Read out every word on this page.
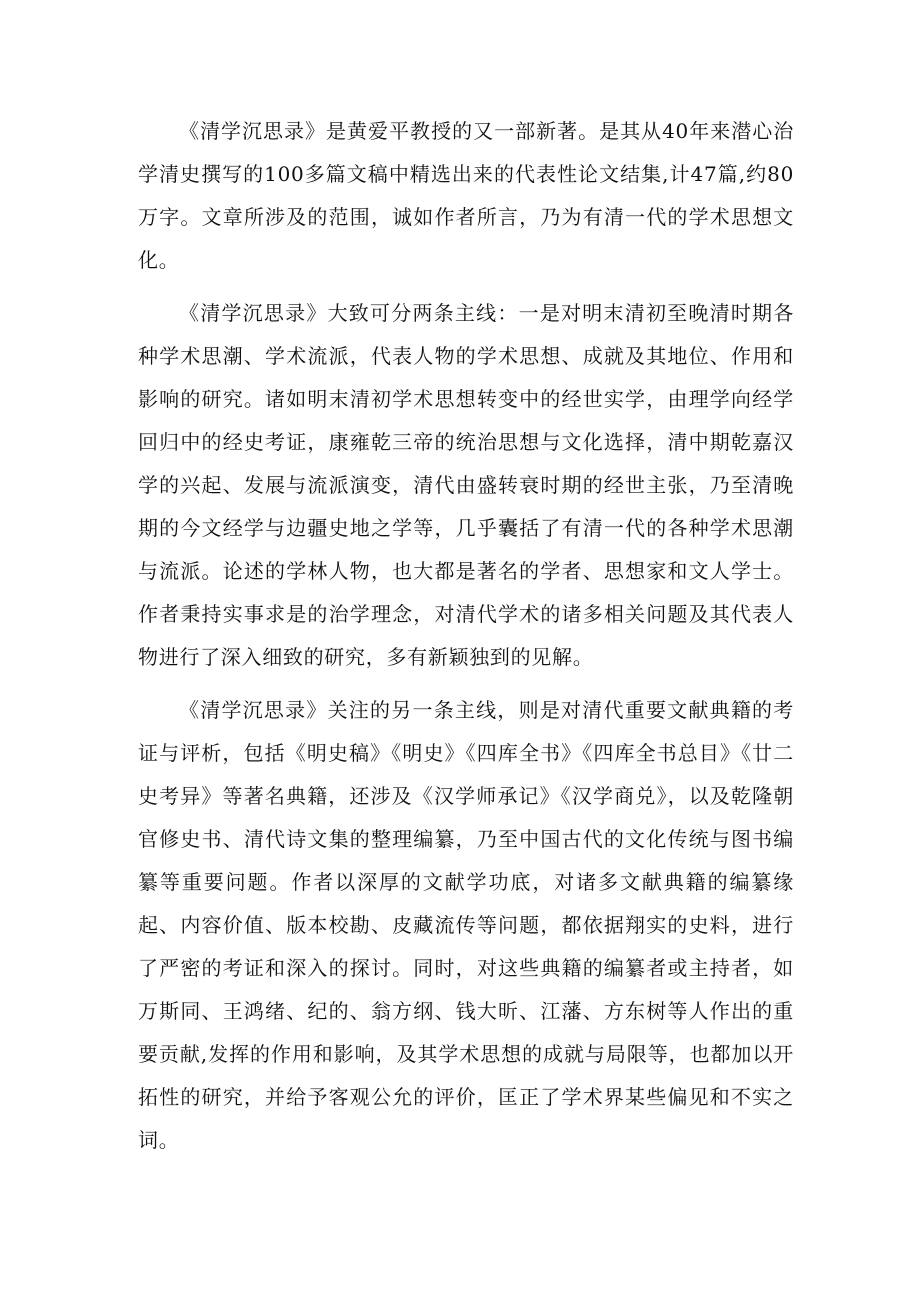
《清学沉思录》是黄爱平教授的又一部新著。是其从40年来潜心治学清史撰写的100多篇文稿中精选出来的代表性论文结集,计47篇,约80万字。文章所涉及的范围，诚如作者所言，乃为有清一代的学术思想文化。

《清学沉思录》大致可分两条主线：一是对明末清初至晚清时期各种学术思潮、学术流派，代表人物的学术思想、成就及其地位、作用和影响的研究。诸如明末清初学术思想转变中的经世实学，由理学向经学回归中的经史考证，康雍乾三帝的统治思想与文化选择，清中期乾嘉汉学的兴起、发展与流派演变，清代由盛转衰时期的经世主张，乃至清晚期的今文经学与边疆史地之学等，几乎囊括了有清一代的各种学术思潮与流派。论述的学林人物，也大都是著名的学者、思想家和文人学士。作者秉持实事求是的治学理念，对清代学术的诸多相关问题及其代表人物进行了深入细致的研究，多有新颖独到的见解。

《清学沉思录》关注的另一条主线，则是对清代重要文献典籍的考证与评析，包括《明史稿》《明史》《四库全书》《四库全书总目》《廿二史考异》等著名典籍，还涉及《汉学师承记》《汉学商兑》，以及乾隆朝官修史书、清代诗文集的整理编纂，乃至中国古代的文化传统与图书编纂等重要问题。作者以深厚的文献学功底，对诸多文献典籍的编纂缘起、内容价值、版本校勘、皮藏流传等问题，都依据翔实的史料，进行了严密的考证和深入的探讨。同时，对这些典籍的编纂者或主持者，如万斯同、王鸿绪、纪的、翁方纲、钱大昕、江藩、方东树等人作出的重要贡献,发挥的作用和影响，及其学术思想的成就与局限等，也都加以开拓性的研究，并给予客观公允的评价，匡正了学术界某些偏见和不实之词。
